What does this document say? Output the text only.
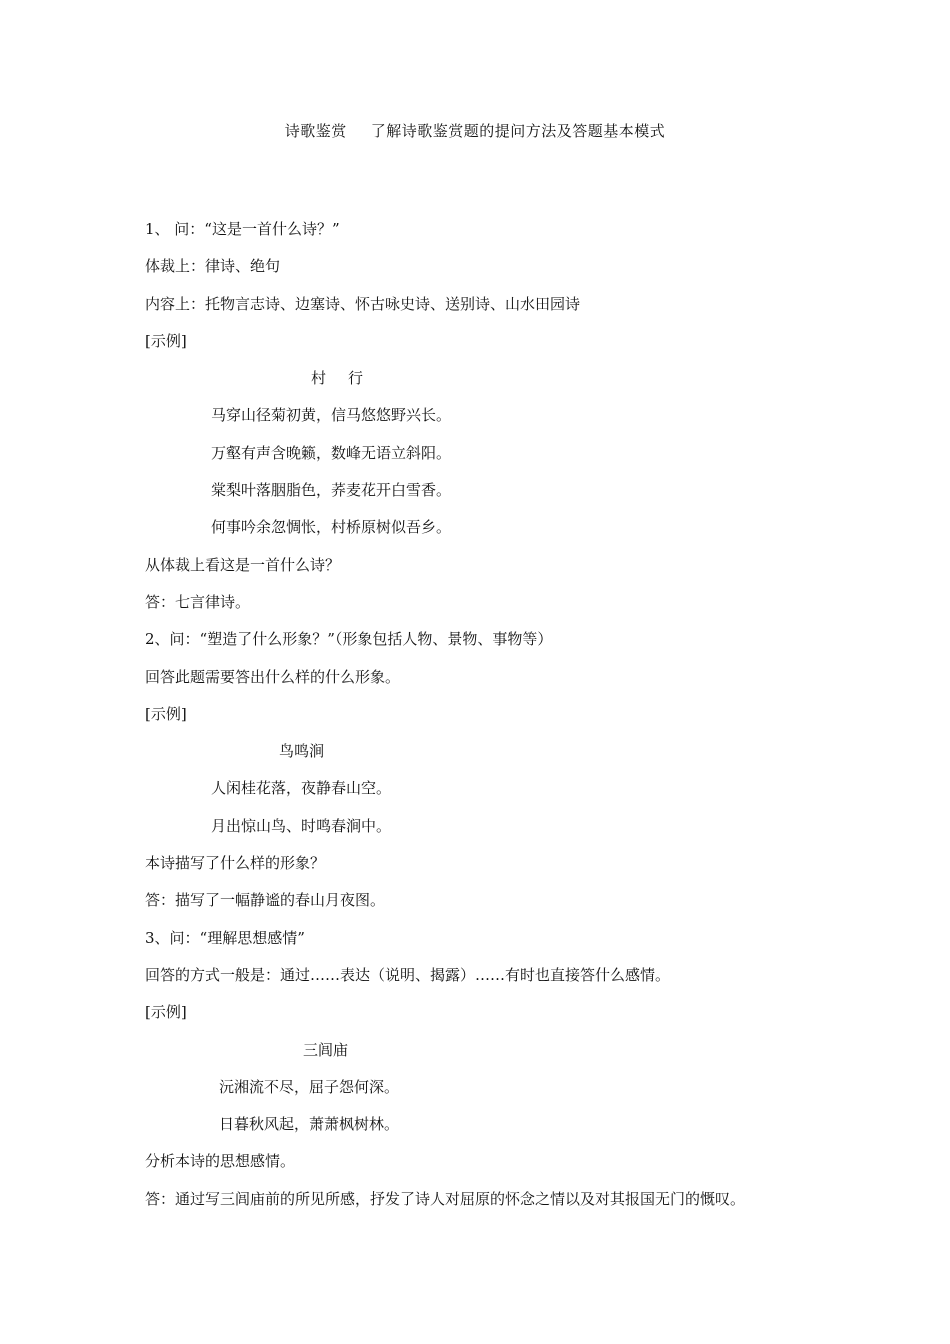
诗歌鉴赏 了解诗歌鉴赏题的提问方法及答题基本模式
1、 问：“这是一首什么诗？”
体裁上：律诗、绝句
内容上：托物言志诗、边塞诗、怀古咏史诗、送别诗、山水田园诗
[示例]
村 行
马穿山径菊初黄，信马悠悠野兴长。
万壑有声含晚籁，数峰无语立斜阳。
棠梨叶落胭脂色，荞麦花开白雪香。
何事吟余忽惆怅，村桥原树似吾乡。
从体裁上看这是一首什么诗？
答：七言律诗。
2、问：“塑造了什么形象？”（形象包括人物、景物、事物等）
回答此题需要答出什么样的什么形象。
[示例]
鸟鸣涧
人闲桂花落，夜静春山空。
月出惊山鸟、时鸣春涧中。
本诗描写了什么样的形象？
答：描写了一幅静谧的春山月夜图。
3、问：“理解思想感情”
回答的方式一般是：通过……表达（说明、揭露）……有时也直接答什么感情。
[示例]
三闾庙
沅湘流不尽，屈子怨何深。
日暮秋风起，萧萧枫树林。
分析本诗的思想感情。
答：通过写三闾庙前的所见所感，抒发了诗人对屈原的怀念之情以及对其报国无门的慨叹。
